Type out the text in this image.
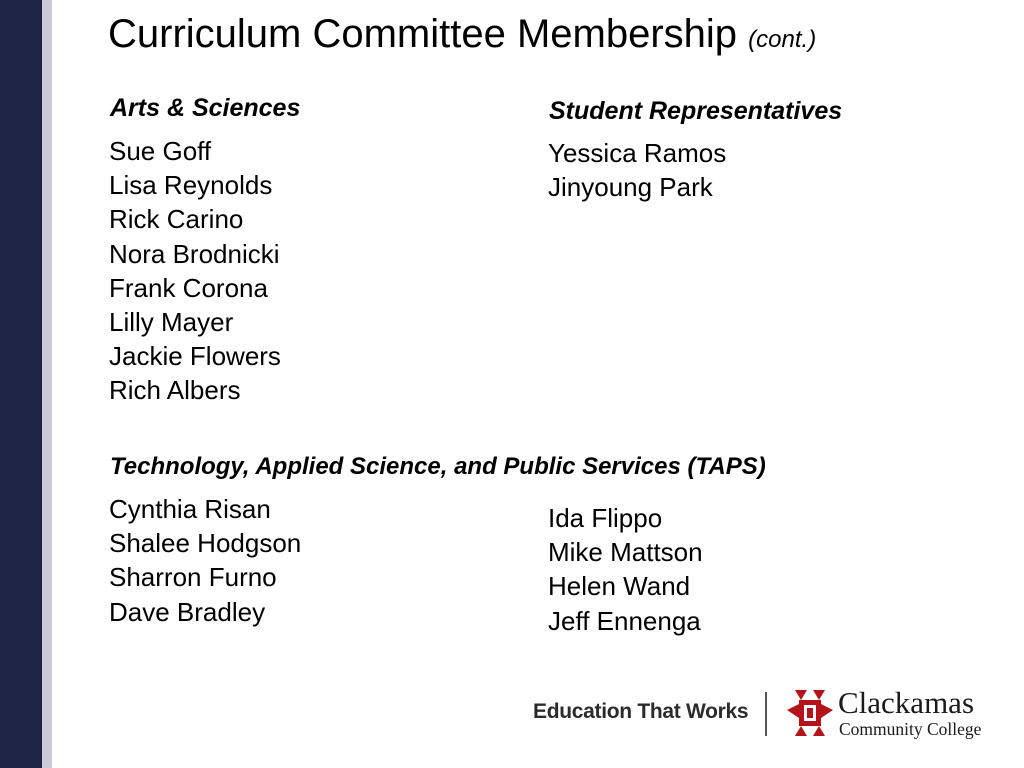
Curriculum Committee Membership (cont.)
Arts & Sciences
Sue Goff
Lisa Reynolds
Rick Carino
Nora Brodnicki
Frank Corona
Lilly Mayer
Jackie Flowers
Rich Albers
Student Representatives
Yessica Ramos
Jinyoung Park
Technology, Applied Science, and Public Services (TAPS)
Cynthia Risan
Shalee Hodgson
Sharron Furno
Dave Bradley
Ida Flippo
Mike Mattson
Helen Wand
Jeff Ennenga
Education That Works	Clackamas
Community College
